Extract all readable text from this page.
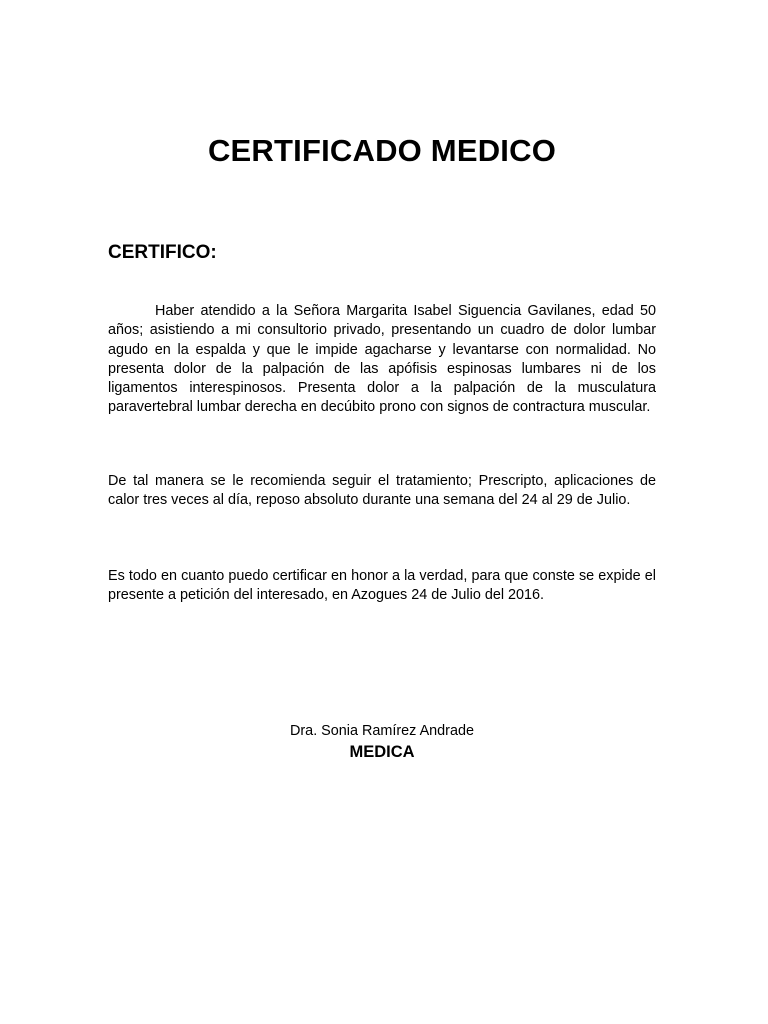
CERTIFICADO MEDICO
CERTIFICO:

Haber atendido a la Señora Margarita Isabel Siguencia Gavilanes, edad 50 años; asistiendo a mi consultorio privado, presentando un cuadro de dolor lumbar agudo en la espalda y que le impide agacharse y levantarse con normalidad. No presenta dolor de la palpación de las apófisis espinosas lumbares ni de los ligamentos interespinosos. Presenta dolor a la palpación de la musculatura paravertebral lumbar derecha en decúbito prono con signos de contractura muscular.

De tal manera se le recomienda seguir el tratamiento; Prescripto, aplicaciones de calor tres veces al día, reposo absoluto durante una semana del 24 al 29 de Julio.

Es todo en cuanto puedo certificar en honor a la verdad, para que conste se expide el presente a petición del interesado, en Azogues 24 de Julio del 2016.

Dra. Sonia Ramírez Andrade
MEDICA
